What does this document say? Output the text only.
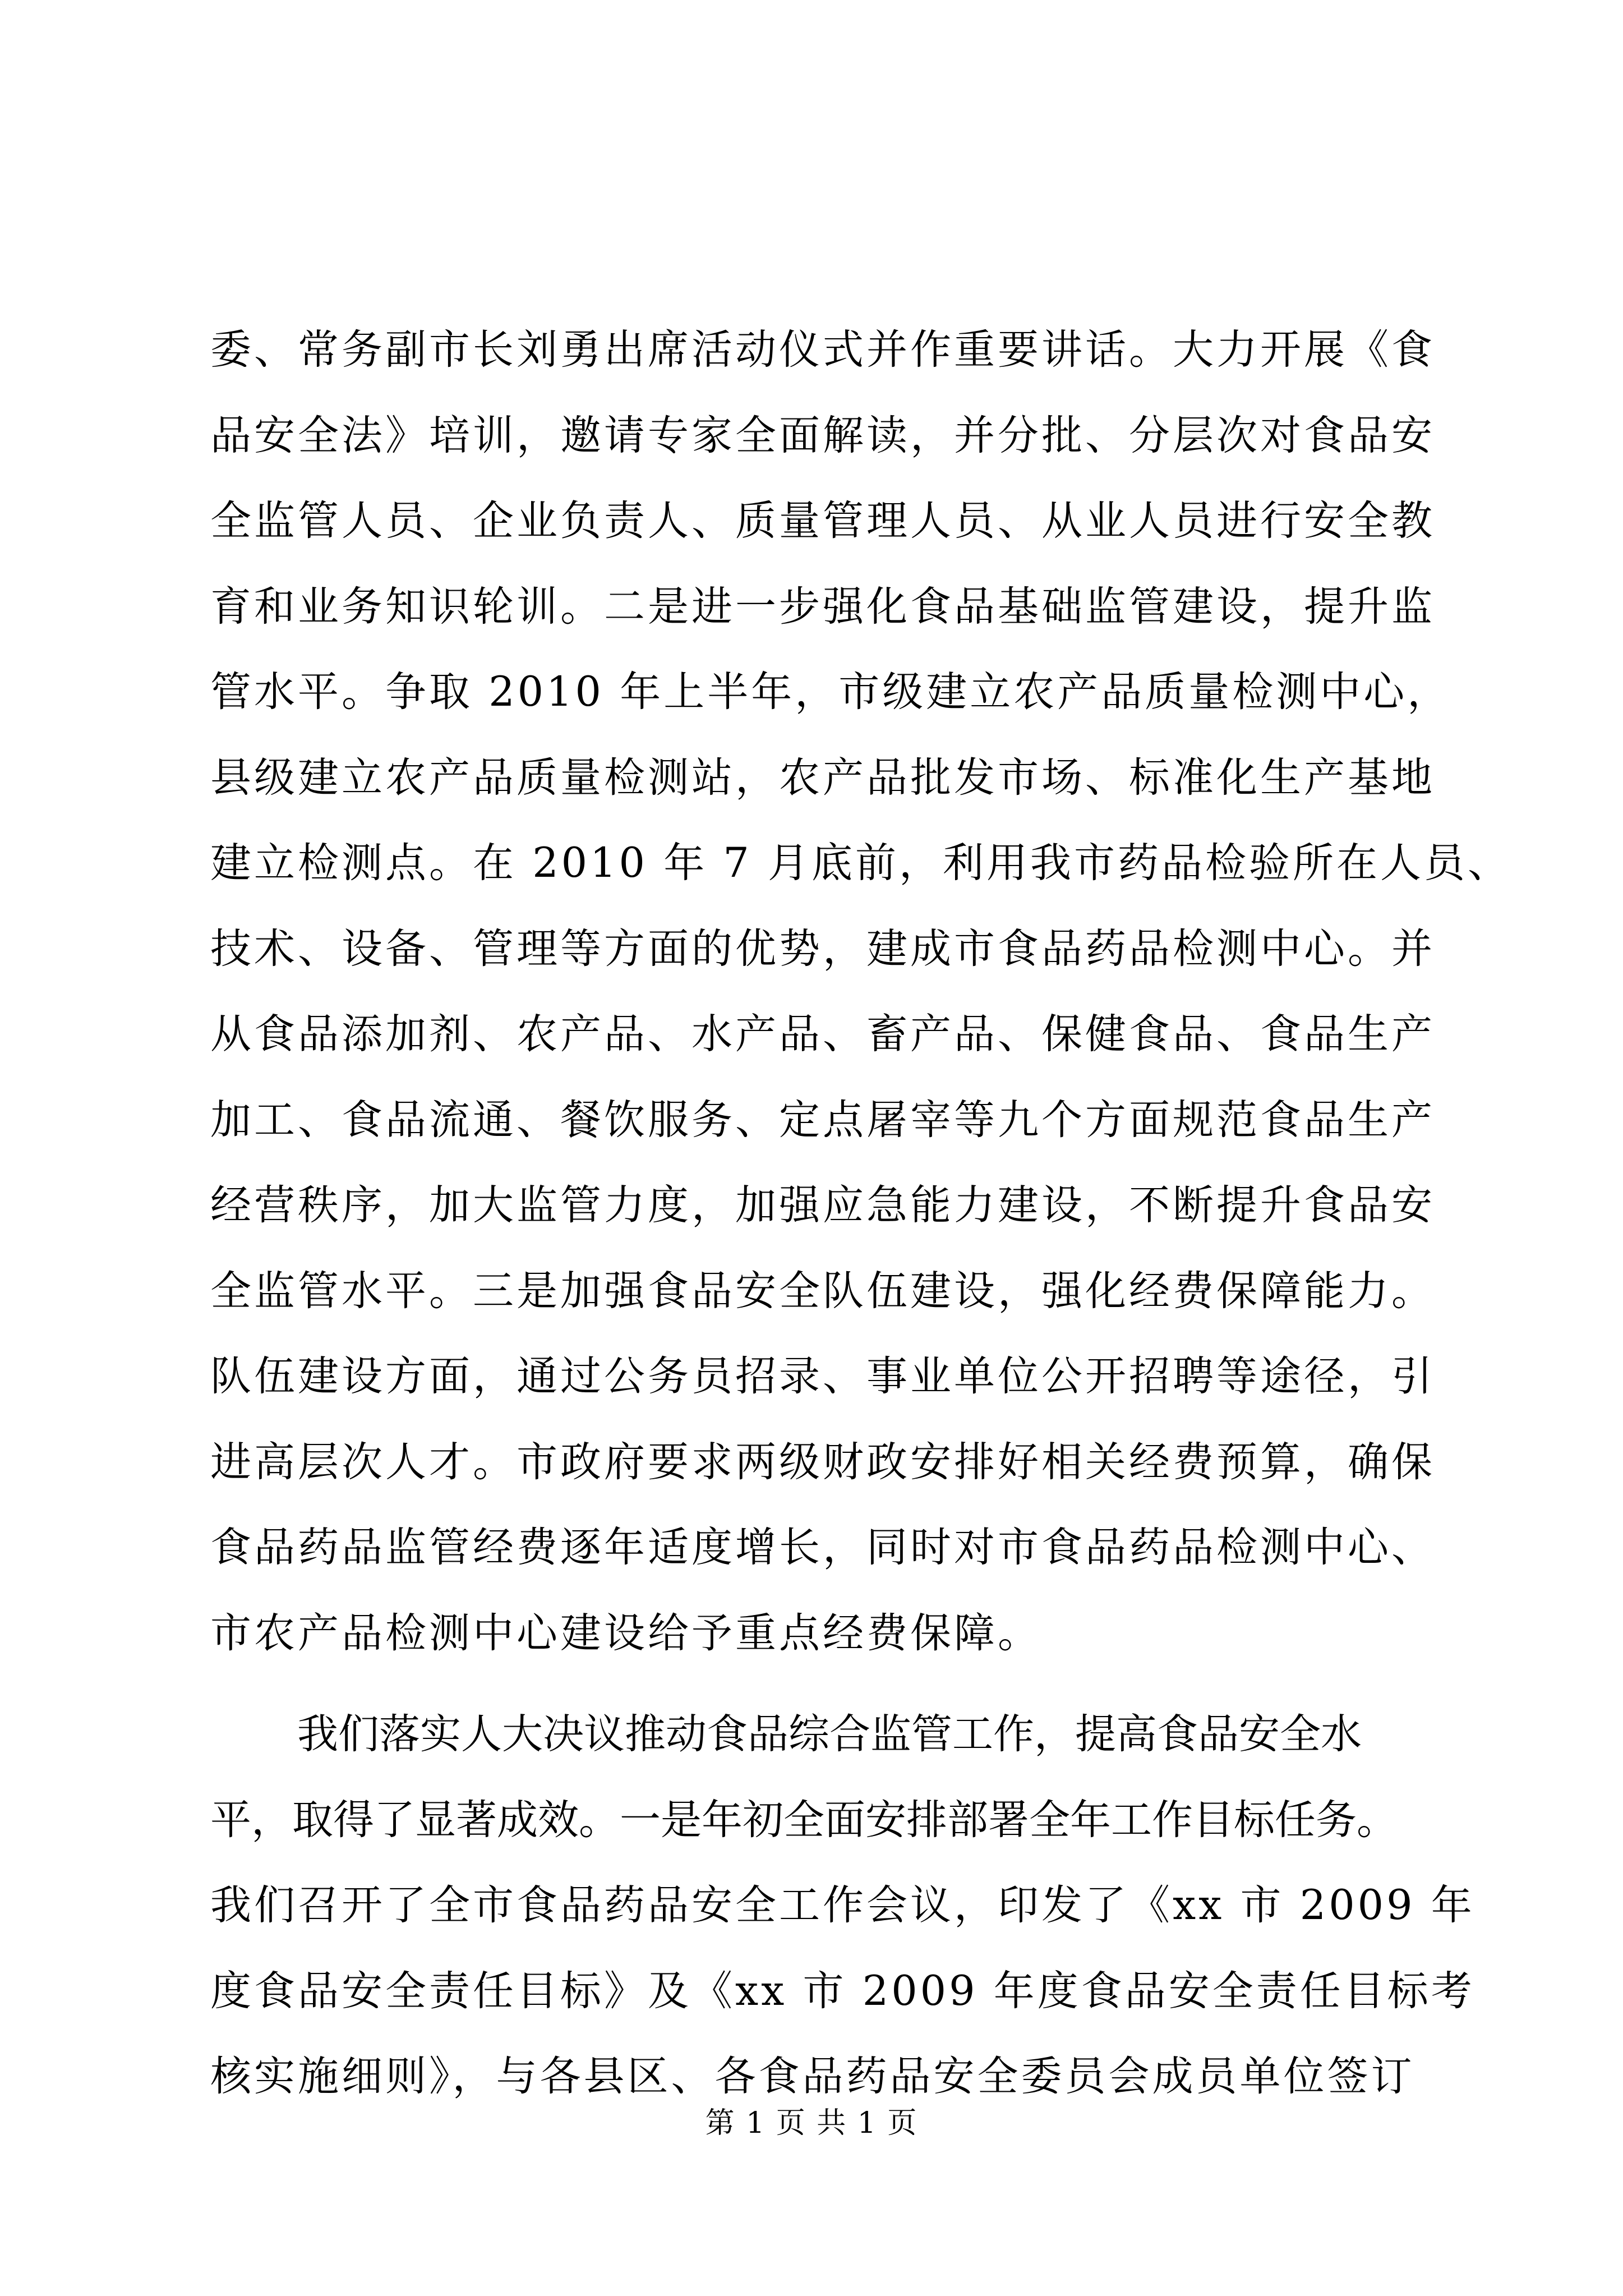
委、常务副市长刘勇出席活动仪式并作重要讲话。大力开展《食
品安全法》培训，邀请专家全面解读，并分批、分层次对食品安
全监管人员、企业负责人、质量管理人员、从业人员进行安全教
育和业务知识轮训。二是进一步强化食品基础监管建设，提升监
管水平。争取 2010 年上半年，市级建立农产品质量检测中心，
县级建立农产品质量检测站，农产品批发市场、标准化生产基地
建立检测点。在 2010 年 7 月底前，利用我市药品检验所在人员、
技术、设备、管理等方面的优势，建成市食品药品检测中心。并
从食品添加剂、农产品、水产品、畜产品、保健食品、食品生产
加工、食品流通、餐饮服务、定点屠宰等九个方面规范食品生产
经营秩序，加大监管力度，加强应急能力建设，不断提升食品安
全监管水平。三是加强食品安全队伍建设，强化经费保障能力。
队伍建设方面，通过公务员招录、事业单位公开招聘等途径，引
进高层次人才。市政府要求两级财政安排好相关经费预算，确保
食品药品监管经费逐年适度增长，同时对市食品药品检测中心、
市农产品检测中心建设给予重点经费保障。
我们落实人大决议推动食品综合监管工作，提高食品安全水
平，取得了显著成效。一是年初全面安排部署全年工作目标任务。
我们召开了全市食品药品安全工作会议，印发了《xx 市 2009 年
度食品安全责任目标》及《xx 市 2009 年度食品安全责任目标考
核实施细则》，与各县区、各食品药品安全委员会成员单位签订
第 1 页 共 1 页
